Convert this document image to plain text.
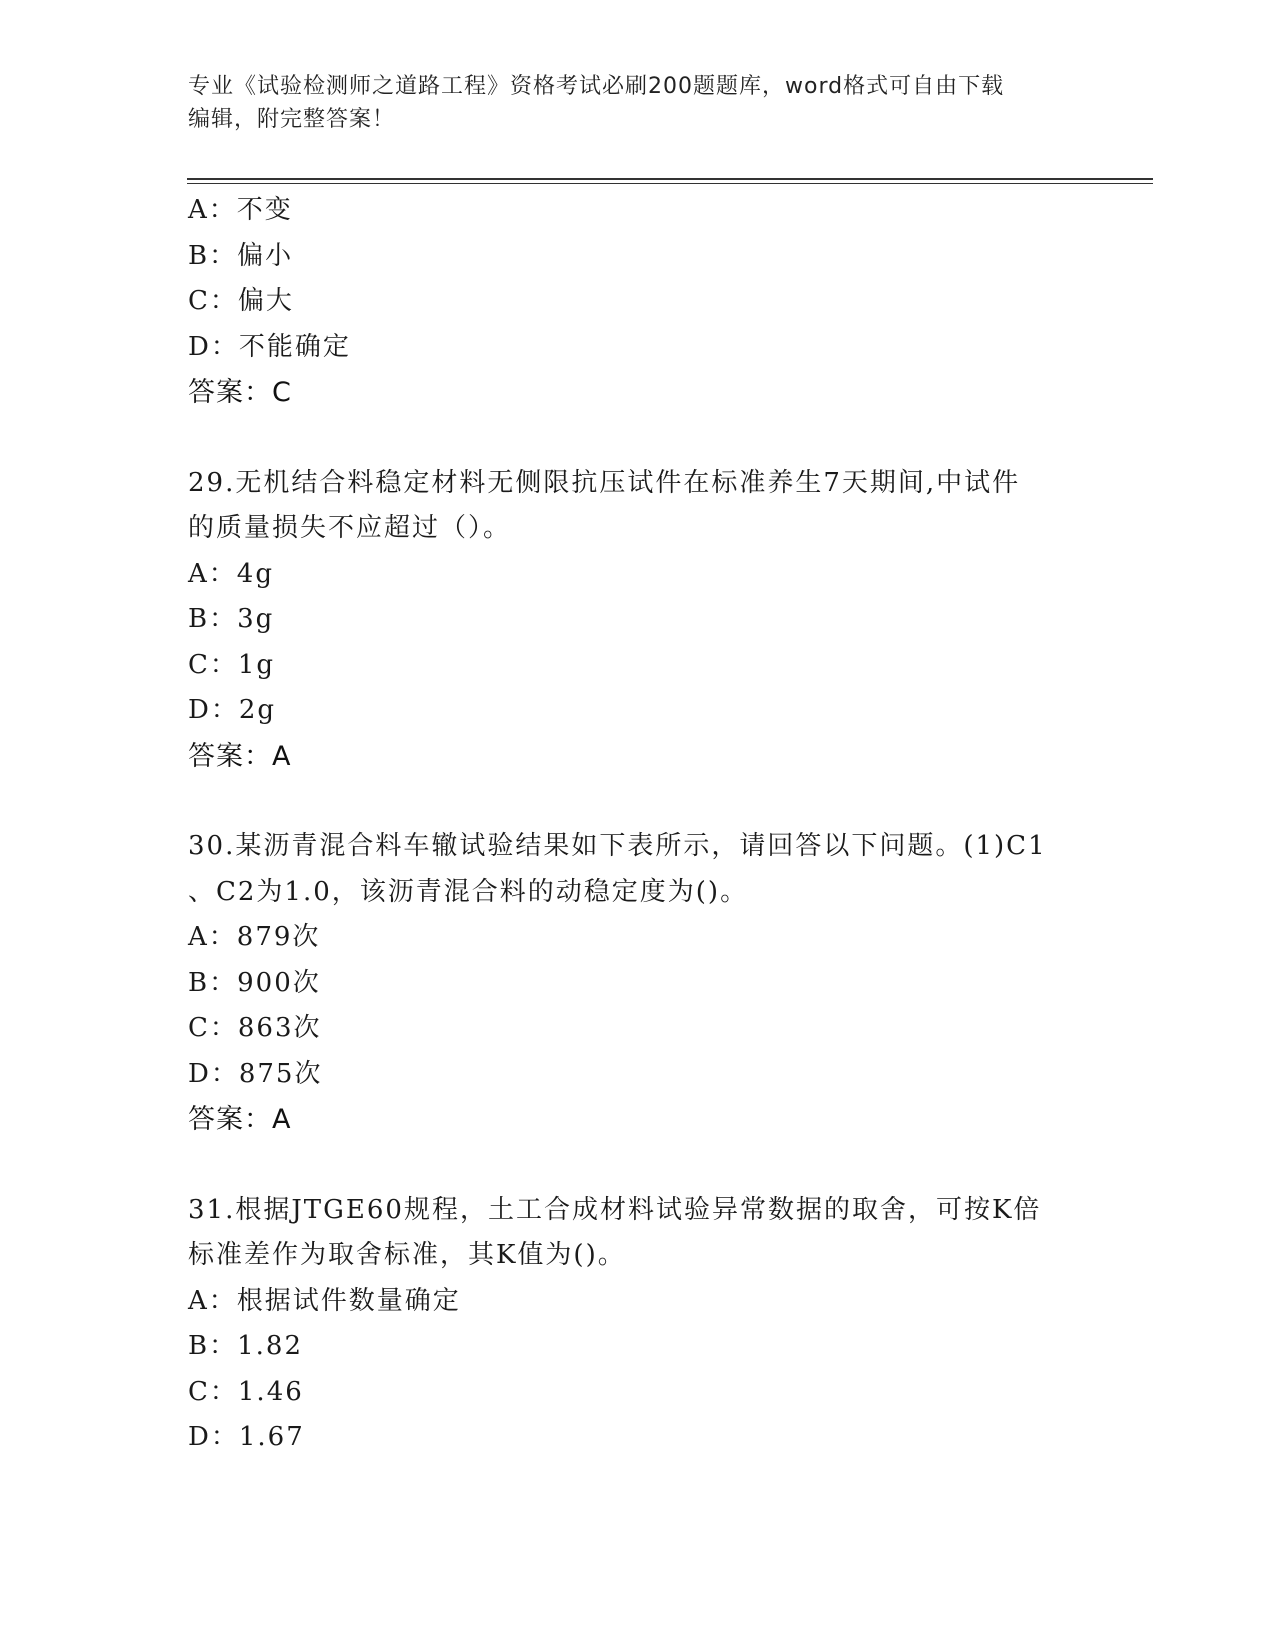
专业《试验检测师之道路工程》资格考试必刷200题题库，word格式可自由下载
编辑，附完整答案！
A：不变
B：偏小
C：偏大
D：不能确定
答案：C
29.无机结合料稳定材料无侧限抗压试件在标准养生7天期间,中试件
的质量损失不应超过（）。
A：4g
B：3g
C：1g
D：2g
答案：A
30.某沥青混合料车辙试验结果如下表所示，请回答以下问题。(1)C1
、C2为1.0，该沥青混合料的动稳定度为()。
A：879次
B：900次
C：863次
D：875次
答案：A
31.根据JTGE60规程，土工合成材料试验异常数据的取舍，可按K倍
标准差作为取舍标准，其K值为()。
A：根据试件数量确定
B：1.82
C：1.46
D：1.67
